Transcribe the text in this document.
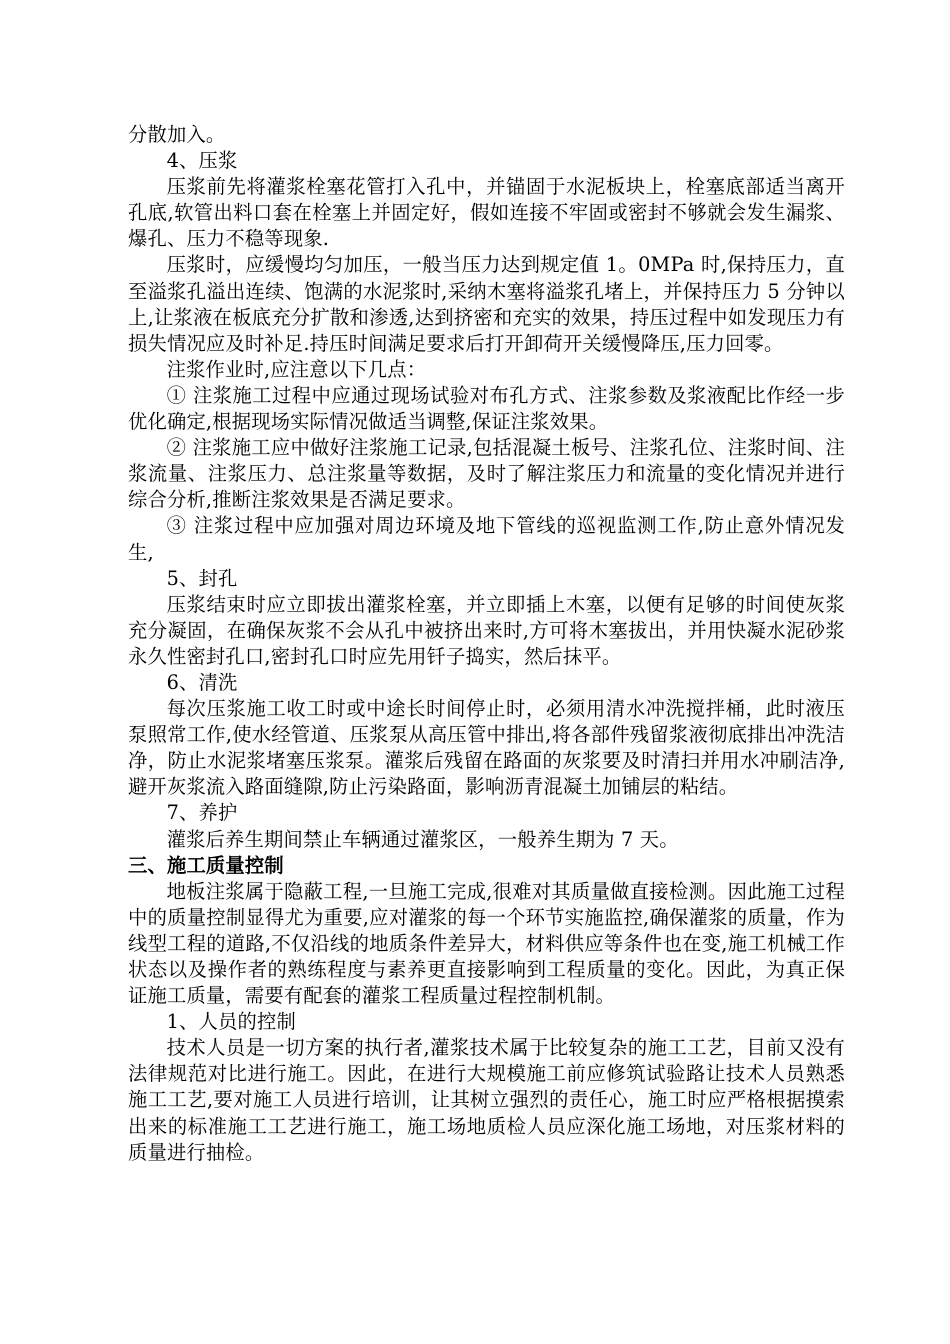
分散加入。

4、压浆

压浆前先将灌浆栓塞花管打入孔中，并锚固于水泥板块上，栓塞底部适当离开孔底,软管出料口套在栓塞上并固定好，假如连接不牢固或密封不够就会发生漏浆、爆孔、压力不稳等现象.

压浆时，应缓慢均匀加压，一般当压力达到规定值 1。0MPa 时,保持压力，直至溢浆孔溢出连续、饱满的水泥浆时,采纳木塞将溢浆孔堵上，并保持压力 5 分钟以上,让浆液在板底充分扩散和渗透,达到挤密和充实的效果，持压过程中如发现压力有损失情况应及时补足.持压时间满足要求后打开卸荷开关缓慢降压,压力回零。

注浆作业时,应注意以下几点：

① 注浆施工过程中应通过现场试验对布孔方式、注浆参数及浆液配比作经一步优化确定,根据现场实际情况做适当调整,保证注浆效果。

② 注浆施工应中做好注浆施工记录,包括混凝土板号、注浆孔位、注浆时间、注浆流量、注浆压力、总注浆量等数据，及时了解注浆压力和流量的变化情况并进行综合分析,推断注浆效果是否满足要求。

③ 注浆过程中应加强对周边环境及地下管线的巡视监测工作,防止意外情况发生,

5、封孔

压浆结束时应立即拔出灌浆栓塞，并立即插上木塞，以便有足够的时间使灰浆充分凝固，在确保灰浆不会从孔中被挤出来时,方可将木塞拔出，并用快凝水泥砂浆永久性密封孔口,密封孔口时应先用钎子捣实，然后抹平。

6、清洗

每次压浆施工收工时或中途长时间停止时，必须用清水冲洗搅拌桶，此时液压泵照常工作,使水经管道、压浆泵从高压管中排出,将各部件残留浆液彻底排出冲洗洁净，防止水泥浆堵塞压浆泵。灌浆后残留在路面的灰浆要及时清扫并用水冲刷洁净,避开灰浆流入路面缝隙,防止污染路面，影响沥青混凝土加铺层的粘结。

7、养护

灌浆后养生期间禁止车辆通过灌浆区，一般养生期为 7 天。

三、施工质量控制

地板注浆属于隐蔽工程,一旦施工完成,很难对其质量做直接检测。因此施工过程中的质量控制显得尤为重要,应对灌浆的每一个环节实施监控,确保灌浆的质量，作为线型工程的道路,不仅沿线的地质条件差异大，材料供应等条件也在变,施工机械工作状态以及操作者的熟练程度与素养更直接影响到工程质量的变化。因此，为真正保证施工质量，需要有配套的灌浆工程质量过程控制机制。

1、人员的控制

技术人员是一切方案的执行者,灌浆技术属于比较复杂的施工工艺，目前又没有法律规范对比进行施工。因此，在进行大规模施工前应修筑试验路让技术人员熟悉施工工艺,要对施工人员进行培训，让其树立强烈的责任心，施工时应严格根据摸索出来的标准施工工艺进行施工，施工场地质检人员应深化施工场地，对压浆材料的质量进行抽检。
